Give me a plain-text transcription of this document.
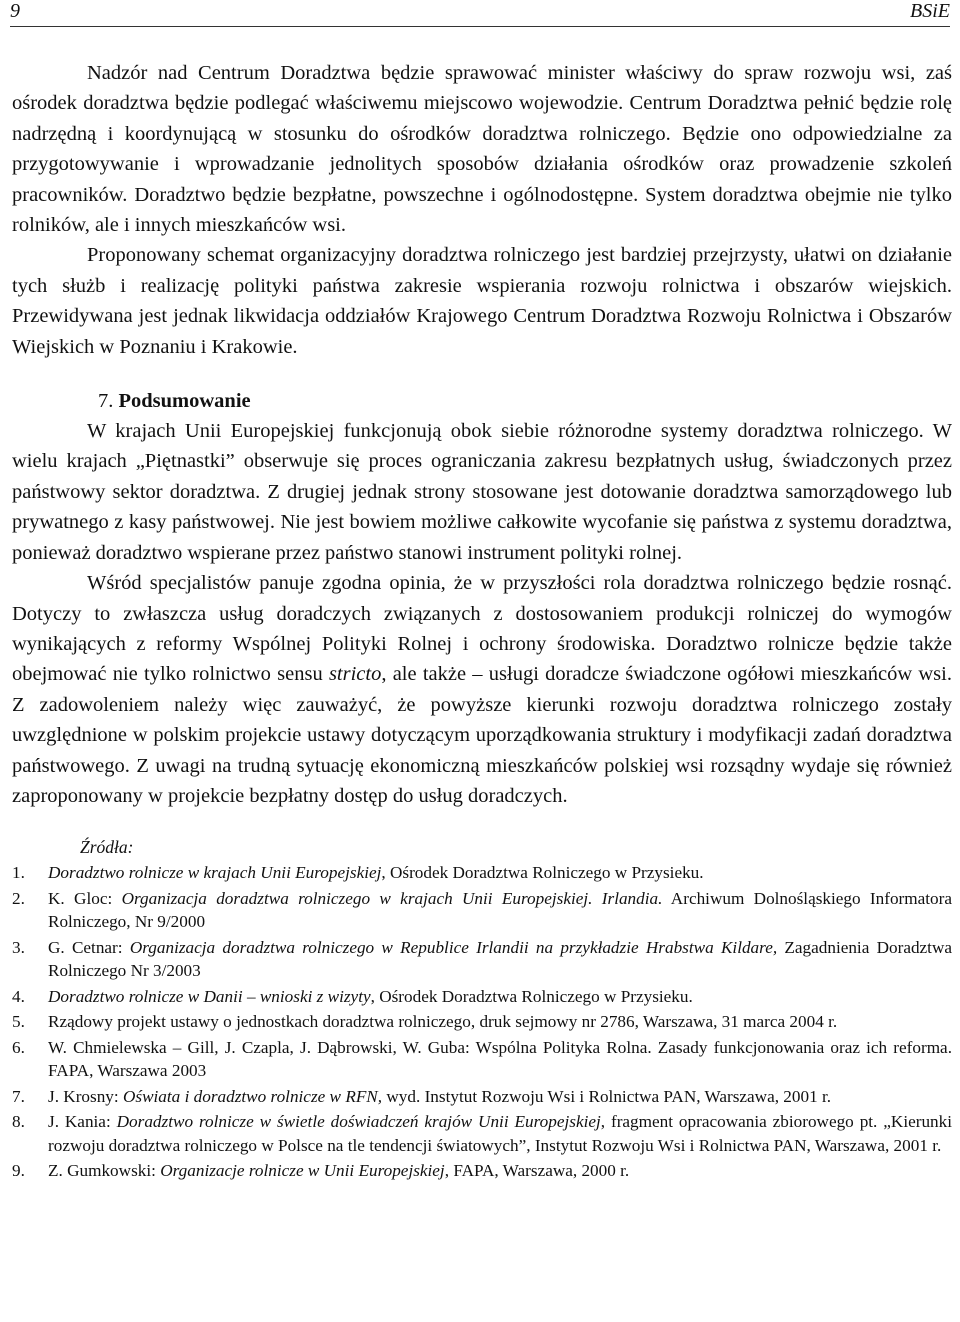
9	BSiE

Nadzór nad Centrum Doradztwa będzie sprawować minister właściwy do spraw rozwoju wsi, zaś ośrodek doradztwa będzie podlegać właściwemu miejscowo wojewodzie. Centrum Doradztwa pełnić będzie rolę nadrzędną i koordynującą w stosunku do ośrodków doradztwa rolniczego. Będzie ono odpowiedzialne za przygotowywanie i wprowadzanie jednolitych sposobów działania ośrodków oraz prowadzenie szkoleń pracowników. Doradztwo będzie bezpłatne, powszechne i ogólnodostępne. System doradztwa obejmie nie tylko rolników, ale i innych mieszkańców wsi.

Proponowany schemat organizacyjny doradztwa rolniczego jest bardziej przejrzysty, ułatwi on działanie tych służb i realizację polityki państwa zakresie wspierania rozwoju rolnictwa i obszarów wiejskich. Przewidywana jest jednak likwidacja oddziałów Krajowego Centrum Doradztwa Rozwoju Rolnictwa i Obszarów Wiejskich w Poznaniu i Krakowie.

7. Podsumowanie

W krajach Unii Europejskiej funkcjonują obok siebie różnorodne systemy doradztwa rolniczego. W wielu krajach „Piętnastki” obserwuje się proces ograniczania zakresu bezpłatnych usług, świadczonych przez państwowy sektor doradztwa. Z drugiej jednak strony stosowane jest dotowanie doradztwa samorządowego lub prywatnego z kasy państwowej. Nie jest bowiem możliwe całkowite wycofanie się państwa z systemu doradztwa, ponieważ doradztwo wspierane przez państwo stanowi instrument polityki rolnej.

Wśród specjalistów panuje zgodna opinia, że w przyszłości rola doradztwa rolniczego będzie rosnąć. Dotyczy to zwłaszcza usług doradczych związanych z dostosowaniem produkcji rolniczej do wymogów wynikających z reformy Wspólnej Polityki Rolnej i ochrony środowiska. Doradztwo rolnicze będzie także obejmować nie tylko rolnictwo sensu stricto, ale także – usługi doradcze świadczone ogółowi mieszkańców wsi. Z zadowoleniem należy więc zauważyć, że powyższe kierunki rozwoju doradztwa rolniczego zostały uwzględnione w polskim projekcie ustawy dotyczącym uporządkowania struktury i modyfikacji zadań doradztwa państwowego. Z uwagi na trudną sytuację ekonomiczną mieszkańców polskiej wsi rozsądny wydaje się również zaproponowany w projekcie bezpłatny dostęp do usług doradczych.

Źródła:
1. Doradztwo rolnicze w krajach Unii Europejskiej, Ośrodek Doradztwa Rolniczego w Przysieku.
2. K. Gloc: Organizacja doradztwa rolniczego w krajach Unii Europejskiej. Irlandia. Archiwum Dolnośląskiego Informatora Rolniczego, Nr 9/2000
3. G. Cetnar: Organizacja doradztwa rolniczego w Republice Irlandii na przykładzie Hrabstwa Kildare, Zagadnienia Doradztwa Rolniczego Nr 3/2003
4. Doradztwo rolnicze w Danii – wnioski z wizyty, Ośrodek Doradztwa Rolniczego w Przysieku.
5. Rządowy projekt ustawy o jednostkach doradztwa rolniczego, druk sejmowy nr 2786, Warszawa, 31 marca 2004 r.
6. W. Chmielewska – Gill, J. Czapla, J. Dąbrowski, W. Guba: Wspólna Polityka Rolna. Zasady funkcjonowania oraz ich reforma. FAPA, Warszawa 2003
7. J. Krosny: Oświata i doradztwo rolnicze w RFN, wyd. Instytut Rozwoju Wsi i Rolnictwa PAN, Warszawa, 2001 r.
8. J. Kania: Doradztwo rolnicze w świetle doświadczeń krajów Unii Europejskiej, fragment opracowania zbiorowego pt. „Kierunki rozwoju doradztwa rolniczego w Polsce na tle tendencji światowych”, Instytut Rozwoju Wsi i Rolnictwa PAN, Warszawa, 2001 r.
9. Z. Gumkowski: Organizacje rolnicze w Unii Europejskiej, FAPA, Warszawa, 2000 r.
